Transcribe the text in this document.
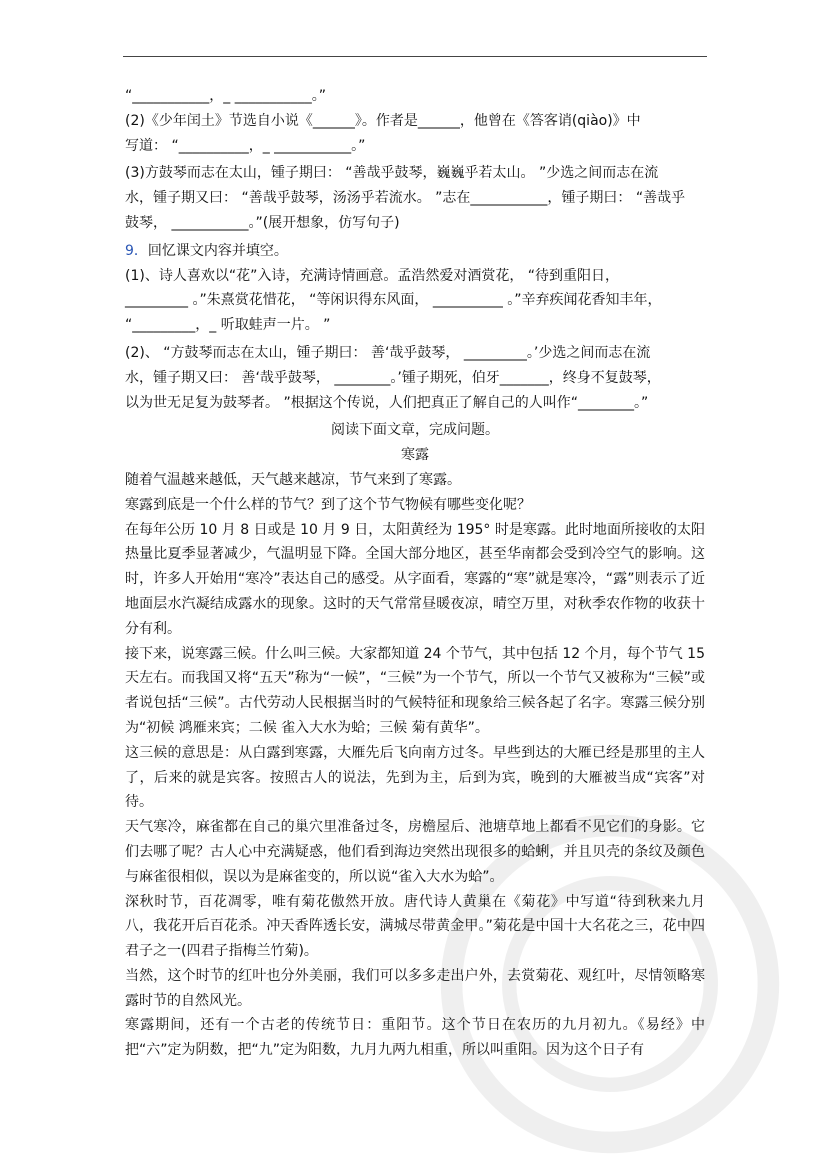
“___________，_ ___________。”

(2)《少年闰土》节选自小说《______》。作者是______，他曾在《答客诮(qiào)》中

写道： “__________，_ ___________。”

(3)方鼓琴而志在太山，锺子期曰： “善哉乎鼓琴，巍巍乎若太山。 ”少选之间而志在流

水，锺子期又曰： “善哉乎鼓琴，汤汤乎若流水。 ”志在___________，锺子期曰： “善哉乎

鼓琴， ___________。”(展开想象，仿写句子)

9．回忆课文内容并填空。

(1)、诗人喜欢以“花”入诗，充满诗情画意。孟浩然爱对酒赏花， “待到重阳日，

_________ 。”朱熹赏花惜花， “等闲识得东风面， __________ 。”辛弃疾闻花香知丰年，

“_________，_ 听取蛙声一片。 ”

(2)、 “方鼓琴而志在太山，锺子期曰： 善‘哉乎鼓琴， _________。’少选之间而志在流

水，锺子期又曰： 善‘哉乎鼓琴， ________。’锺子期死，伯牙_______，终身不复鼓琴，

以为世无足复为鼓琴者。 ”根据这个传说，人们把真正了解自己的人叫作“________。”

阅读下面文章，完成问题。

寒露

随着气温越来越低，天气越来越凉，节气来到了寒露。

寒露到底是一个什么样的节气？到了这个节气物候有哪些变化呢？

在每年公历 10 月 8 日或是 10 月 9 日，太阳黄经为 195° 时是寒露。此时地面所接收的太阳热量比夏季显著减少，气温明显下降。全国大部分地区，甚至华南都会受到冷空气的影响。这时，许多人开始用“寒冷”表达自己的感受。从字面看，寒露的“寒”就是寒冷，“露”则表示了近地面层水汽凝结成露水的现象。这时的天气常常昼暖夜凉，晴空万里，对秋季农作物的收获十分有利。

接下来，说寒露三候。什么叫三候。大家都知道 24 个节气，其中包括 12 个月，每个节气 15 天左右。而我国又将“五天”称为“一候”，“三候”为一个节气，所以一个节气又被称为“三候”或者说包括“三候”。古代劳动人民根据当时的气候特征和现象给三候各起了名字。寒露三候分别为“初候 鸿雁来宾；二候 雀入大水为蛤；三候 菊有黄华”。

这三候的意思是：从白露到寒露，大雁先后飞向南方过冬。早些到达的大雁已经是那里的主人了，后来的就是宾客。按照古人的说法，先到为主，后到为宾，晚到的大雁被当成“宾客”对待。

天气寒冷，麻雀都在自己的巢穴里准备过冬，房檐屋后、池塘草地上都看不见它们的身影。它们去哪了呢？古人心中充满疑惑，他们看到海边突然出现很多的蛤蜊，并且贝壳的条纹及颜色与麻雀很相似，误以为是麻雀变的，所以说“雀入大水为蛤”。

深秋时节，百花凋零，唯有菊花傲然开放。唐代诗人黄巢在《菊花》中写道“待到秋来九月八，我花开后百花杀。冲天香阵透长安，满城尽带黄金甲。”菊花是中国十大名花之三，花中四君子之一(四君子指梅兰竹菊)。

当然，这个时节的红叶也分外美丽，我们可以多多走出户外，去赏菊花、观红叶，尽情领略寒露时节的自然风光。

寒露期间，还有一个古老的传统节日：重阳节。这个节日在农历的九月初九。《易经》中把“六”定为阴数，把“九”定为阳数，九月九两九相重，所以叫重阳。因为这个日子有
